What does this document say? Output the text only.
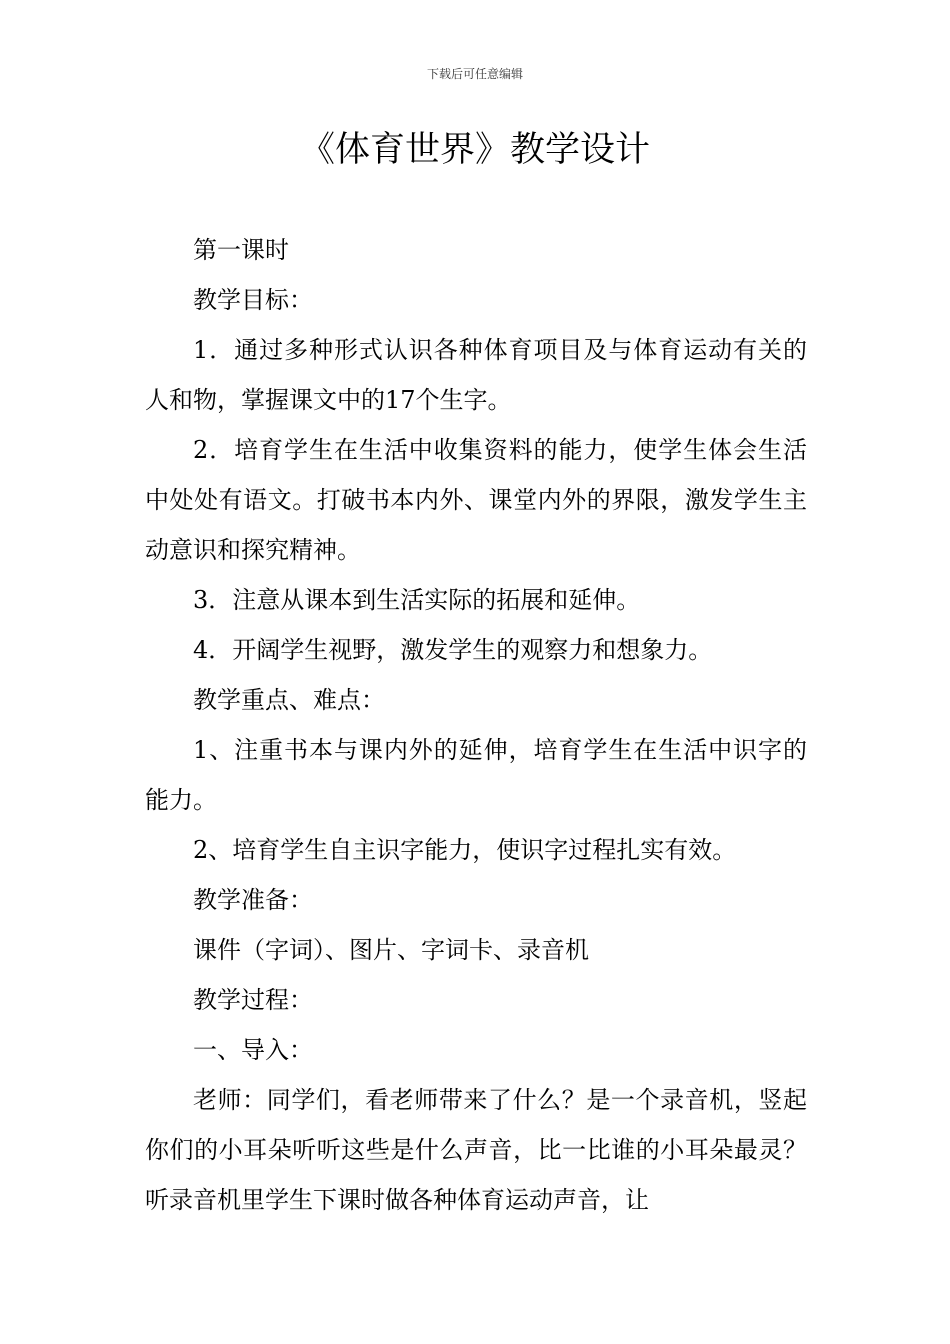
下载后可任意编辑
《体育世界》教学设计

第一课时

教学目标：

1．通过多种形式认识各种体育项目及与体育运动有关的人和物，掌握课文中的17个生字。

2．培育学生在生活中收集资料的能力，使学生体会生活中处处有语文。打破书本内外、课堂内外的界限，激发学生主动意识和探究精神。

3．注意从课本到生活实际的拓展和延伸。

4．开阔学生视野，激发学生的观察力和想象力。

教学重点、难点：

1、注重书本与课内外的延伸，培育学生在生活中识字的能力。

2、培育学生自主识字能力，使识字过程扎实有效。

教学准备：

课件（字词）、图片、字词卡、录音机

教学过程：

一、导入：

老师：同学们，看老师带来了什么？是一个录音机，竖起你们的小耳朵听听这些是什么声音，比一比谁的小耳朵最灵？听录音机里学生下课时做各种体育运动声音，让
